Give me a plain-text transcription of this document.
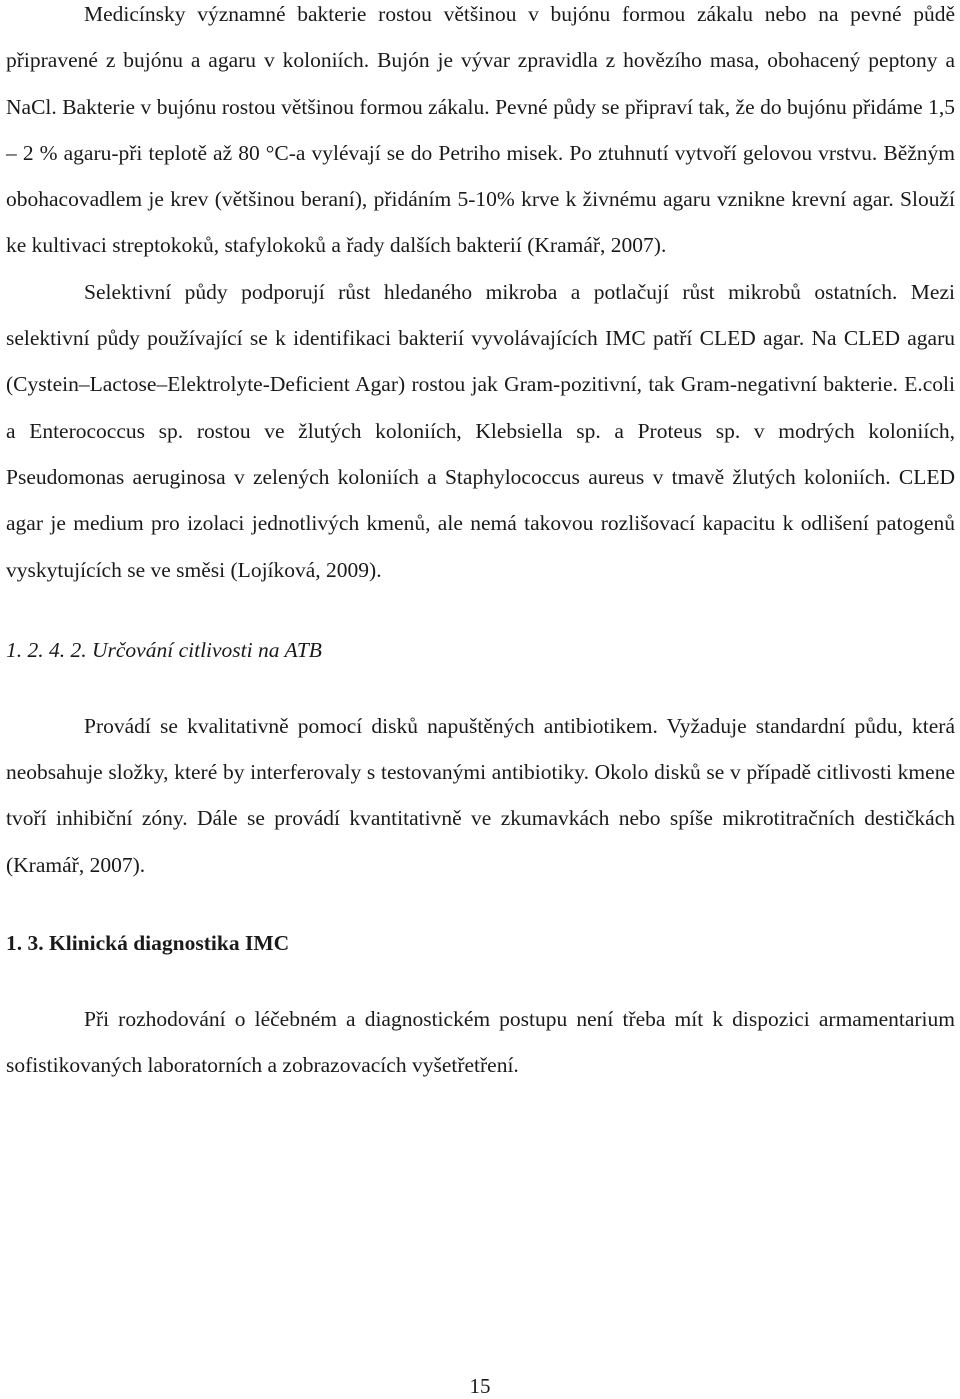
Medicínsky významné bakterie rostou většinou v bujónu formou zákalu nebo na pevné půdě připravené z bujónu a agaru v koloniích. Bujón je vývar zpravidla z hovězího masa, obohacený peptony a NaCl. Bakterie v bujónu rostou většinou formou zákalu. Pevné půdy se připraví tak, že do bujónu přidáme 1,5 – 2 % agaru-při teplotě až 80 °C-a vylévají se do Petriho misek. Po ztuhnutí vytvoří gelovou vrstvu. Běžným obohacovadlem je krev (většinou beraní), přidáním 5-10% krve k živnému agaru vznikne krevní agar. Slouží ke kultivaci streptokoků, stafylokoků a řady dalších bakterií (Kramář, 2007).

Selektivní půdy podporují růst hledaného mikroba a potlačují růst mikrobů ostatních. Mezi selektivní půdy používající se k identifikaci bakterií vyvolávajících IMC patří CLED agar. Na CLED agaru (Cystein–Lactose–Elektrolyte-Deficient Agar) rostou jak Gram-pozitivní, tak Gram-negativní bakterie. E.coli a Enterococcus sp. rostou ve žlutých koloniích, Klebsiella sp. a Proteus sp. v modrých koloniích, Pseudomonas aeruginosa v zelených koloniích a Staphylococcus aureus v tmavě žlutých koloniích. CLED agar je medium pro izolaci jednotlivých kmenů, ale nemá takovou rozlišovací kapacitu k odlišení patogenů vyskytujících se ve směsi (Lojíková, 2009).

1. 2. 4. 2. Určování citlivosti na ATB

Provádí se kvalitativně pomocí disků napuštěných antibiotikem. Vyžaduje standardní půdu, která neobsahuje složky, které by interferovaly s testovanými antibiotiky. Okolo disků se v případě citlivosti kmene tvoří inhibiční zóny. Dále se provádí kvantitativně ve zkumavkách nebo spíše mikrotitračních destičkách (Kramář, 2007).

1. 3. Klinická diagnostika IMC

Při rozhodování o léčebném a diagnostickém postupu není třeba mít k dispozici armamentarium sofistikovaných laboratorních a zobrazovacích vyšetřetření.

15
